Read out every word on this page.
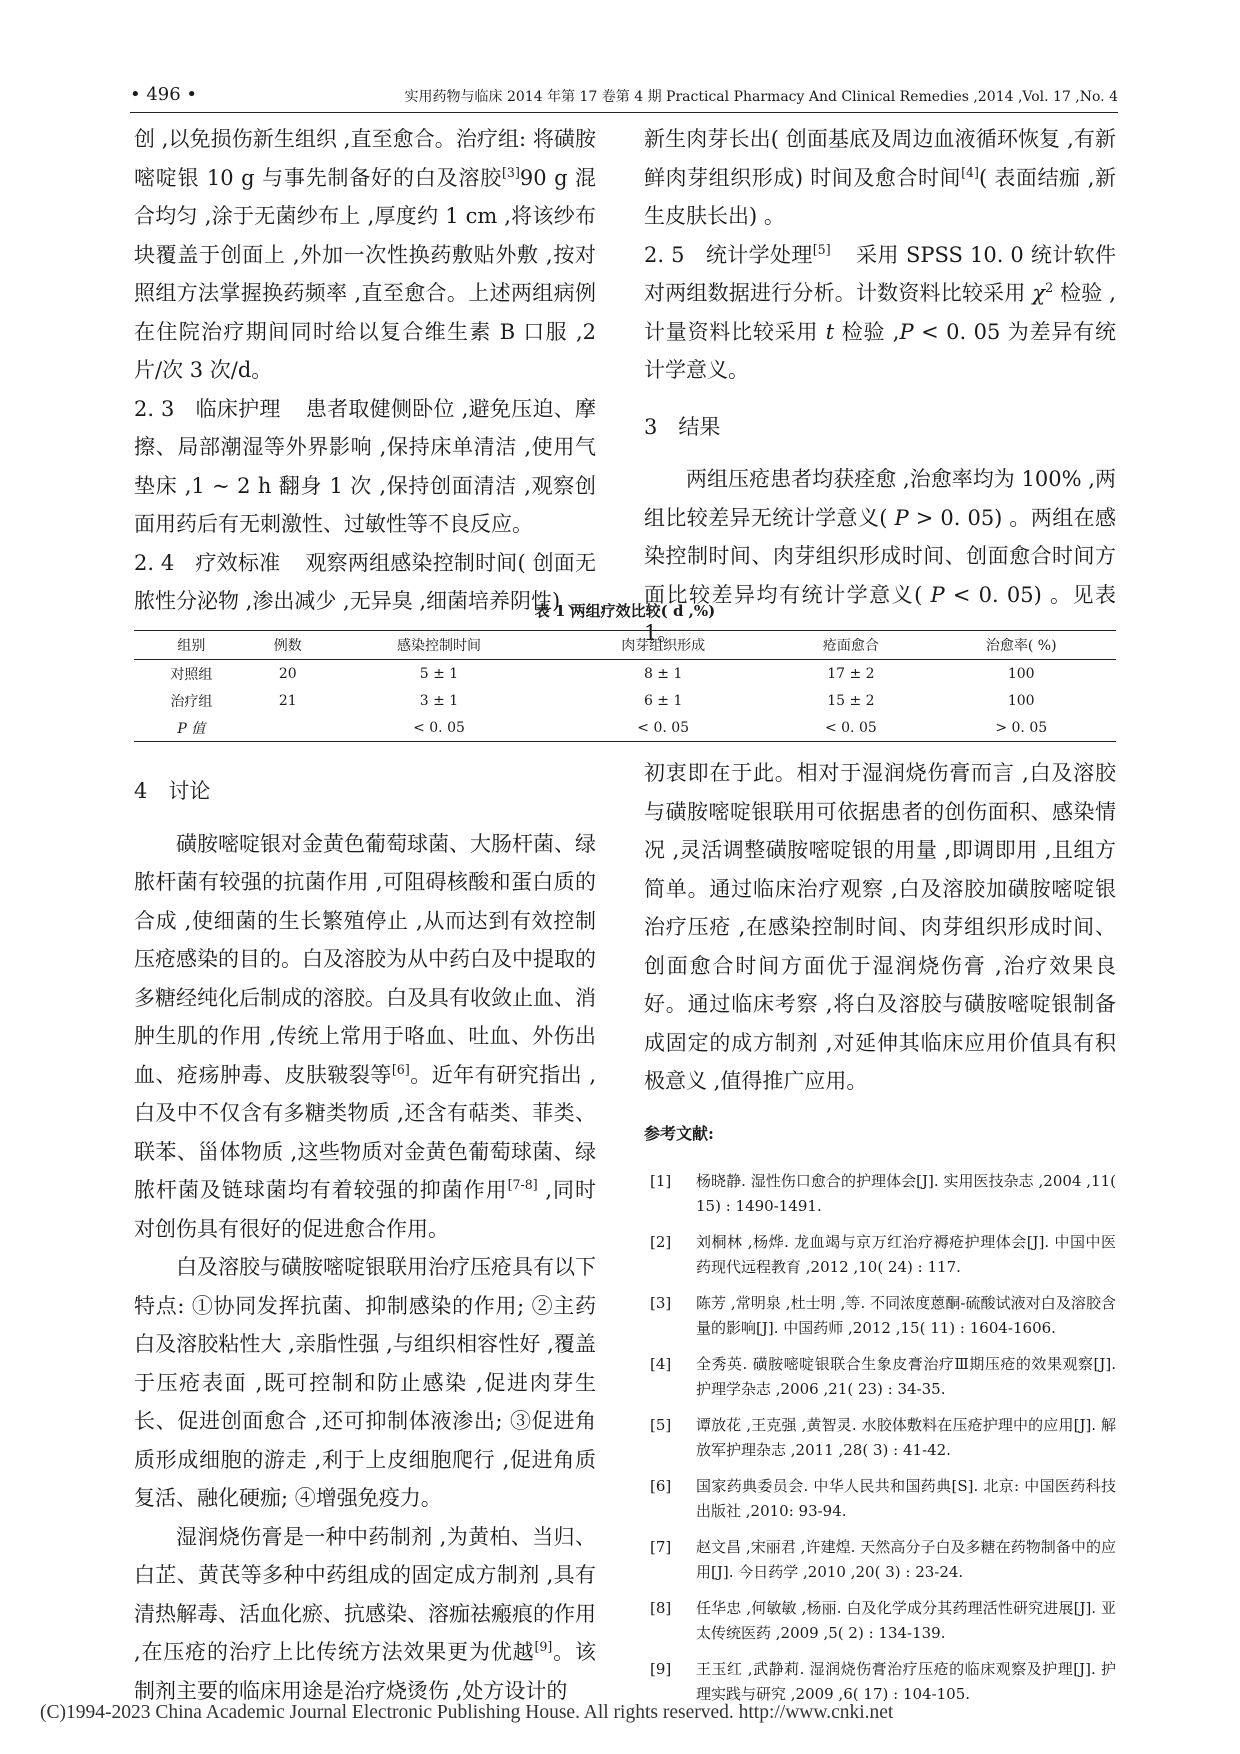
• 496 •	实用药物与临床 2014 年第 17 卷第 4 期 Practical Pharmacy And Clinical Remedies ,2014 ,Vol. 17 ,No. 4

创 ,以免损伤新生组织 ,直至愈合。治疗组: 将磺胺嘧啶银 10 g 与事先制备好的白及溶胶[3]90 g 混合均匀 ,涂于无菌纱布上 ,厚度约 1 cm ,将该纱布块覆盖于创面上 ,外加一次性换药敷贴外敷 ,按对照组方法掌握换药频率 ,直至愈合。上述两组病例在住院治疗期间同时给以复合维生素 B 口服 ,2 片/次 3 次/d。

2. 3 临床护理 患者取健侧卧位 ,避免压迫、摩擦、局部潮湿等外界影响 ,保持床单清洁 ,使用气垫床 ,1 ~ 2 h 翻身 1 次 ,保持创面清洁 ,观察创面用药后有无刺激性、过敏性等不良反应。

2. 4 疗效标准 观察两组感染控制时间( 创面无脓性分泌物 ,渗出减少 ,无异臭 ,细菌培养阴性) 、

新生肉芽长出( 创面基底及周边血液循环恢复 ,有新鲜肉芽组织形成) 时间及愈合时间[4]( 表面结痂 ,新生皮肤长出) 。

2. 5 统计学处理[5] 采用 SPSS 10. 0 统计软件对两组数据进行分析。计数资料比较采用 $\chi^2$ 检验 ,计量资料比较采用 t 检验 ,P < 0. 05 为差异有统计学意义。

3 结果

两组压疮患者均获痊愈 ,治愈率均为 100% ,两组比较差异无统计学意义( P > 0. 05) 。两组在感染控制时间、肉芽组织形成时间、创面愈合时间方面比较差异均有统计学意义( P < 0. 05) 。见表 1。

表 1 两组疗效比较( d ,%)
组别	例数	感染控制时间	肉芽组织形成	疮面愈合	治愈率( %)
对照组	20	5 ± 1	8 ± 1	17 ± 2	100
治疗组	21	3 ± 1	6 ± 1	15 ± 2	100
P 值		< 0. 05	< 0. 05	< 0. 05	> 0. 05

4 讨论

磺胺嘧啶银对金黄色葡萄球菌、大肠杆菌、绿脓杆菌有较强的抗菌作用 ,可阻碍核酸和蛋白质的合成 ,使细菌的生长繁殖停止 ,从而达到有效控制压疮感染的目的。白及溶胶为从中药白及中提取的多糖经纯化后制成的溶胶。白及具有收敛止血、消肿生肌的作用 ,传统上常用于咯血、吐血、外伤出血、疮疡肿毒、皮肤皲裂等[6]。近年有研究指出 ,白及中不仅含有多糖类物质 ,还含有萜类、菲类、联苯、甾体物质 ,这些物质对金黄色葡萄球菌、绿脓杆菌及链球菌均有着较强的抑菌作用[7-8] ,同时对创伤具有很好的促进愈合作用。

白及溶胶与磺胺嘧啶银联用治疗压疮具有以下特点: ①协同发挥抗菌、抑制感染的作用; ②主药白及溶胶粘性大 ,亲脂性强 ,与组织相容性好 ,覆盖于压疮表面 ,既可控制和防止感染 ,促进肉芽生长、促进创面愈合 ,还可抑制体液渗出; ③促进角质形成细胞的游走 ,利于上皮细胞爬行 ,促进角质复活、融化硬痂; ④增强免疫力。

湿润烧伤膏是一种中药制剂 ,为黄柏、当归、白芷、黄芪等多种中药组成的固定成方制剂 ,具有清热解毒、活血化瘀、抗感染、溶痂祛瘢痕的作用 ,在压疮的治疗上比传统方法效果更为优越[9]。该制剂主要的临床用途是治疗烧烫伤 ,处方设计的

初衷即在于此。相对于湿润烧伤膏而言 ,白及溶胶与磺胺嘧啶银联用可依据患者的创伤面积、感染情况 ,灵活调整磺胺嘧啶银的用量 ,即调即用 ,且组方简单。通过临床治疗观察 ,白及溶胶加磺胺嘧啶银治疗压疮 ,在感染控制时间、肉芽组织形成时间、创面愈合时间方面优于湿润烧伤膏 ,治疗效果良好。通过临床考察 ,将白及溶胶与磺胺嘧啶银制备成固定的成方制剂 ,对延伸其临床应用价值具有积极意义 ,值得推广应用。

参考文献:
[1] 杨晓静. 湿性伤口愈合的护理体会[J]. 实用医技杂志 ,2004 ,11( 15) : 1490-1491.
[2] 刘桐林 ,杨烨. 龙血竭与京万红治疗褥疮护理体会[J]. 中国中医药现代远程教育 ,2012 ,10( 24) : 117.
[3] 陈芳 ,常明泉 ,杜士明 ,等. 不同浓度蒽酮-硫酸试液对白及溶胶含量的影响[J]. 中国药师 ,2012 ,15( 11) : 1604-1606.
[4] 全秀英. 磺胺嘧啶银联合生象皮膏治疗Ⅲ期压疮的效果观察[J]. 护理学杂志 ,2006 ,21( 23) : 34-35.
[5] 谭放花 ,王克强 ,黄智灵. 水胶体敷料在压疮护理中的应用[J]. 解放军护理杂志 ,2011 ,28( 3) : 41-42.
[6] 国家药典委员会. 中华人民共和国药典[S]. 北京: 中国医药科技出版社 ,2010: 93-94.
[7] 赵文昌 ,宋丽君 ,许建煌. 天然高分子白及多糖在药物制备中的应用[J]. 今日药学 ,2010 ,20( 3) : 23-24.
[8] 任华忠 ,何敏敏 ,杨丽. 白及化学成分其药理活性研究进展[J]. 亚太传统医药 ,2009 ,5( 2) : 134-139.
[9] 王玉红 ,武静莉. 湿润烧伤膏治疗压疮的临床观察及护理[J]. 护理实践与研究 ,2009 ,6( 17) : 104-105.
(C)1994-2023 China Academic Journal Electronic Publishing House. All rights reserved. http://www.cnki.net
